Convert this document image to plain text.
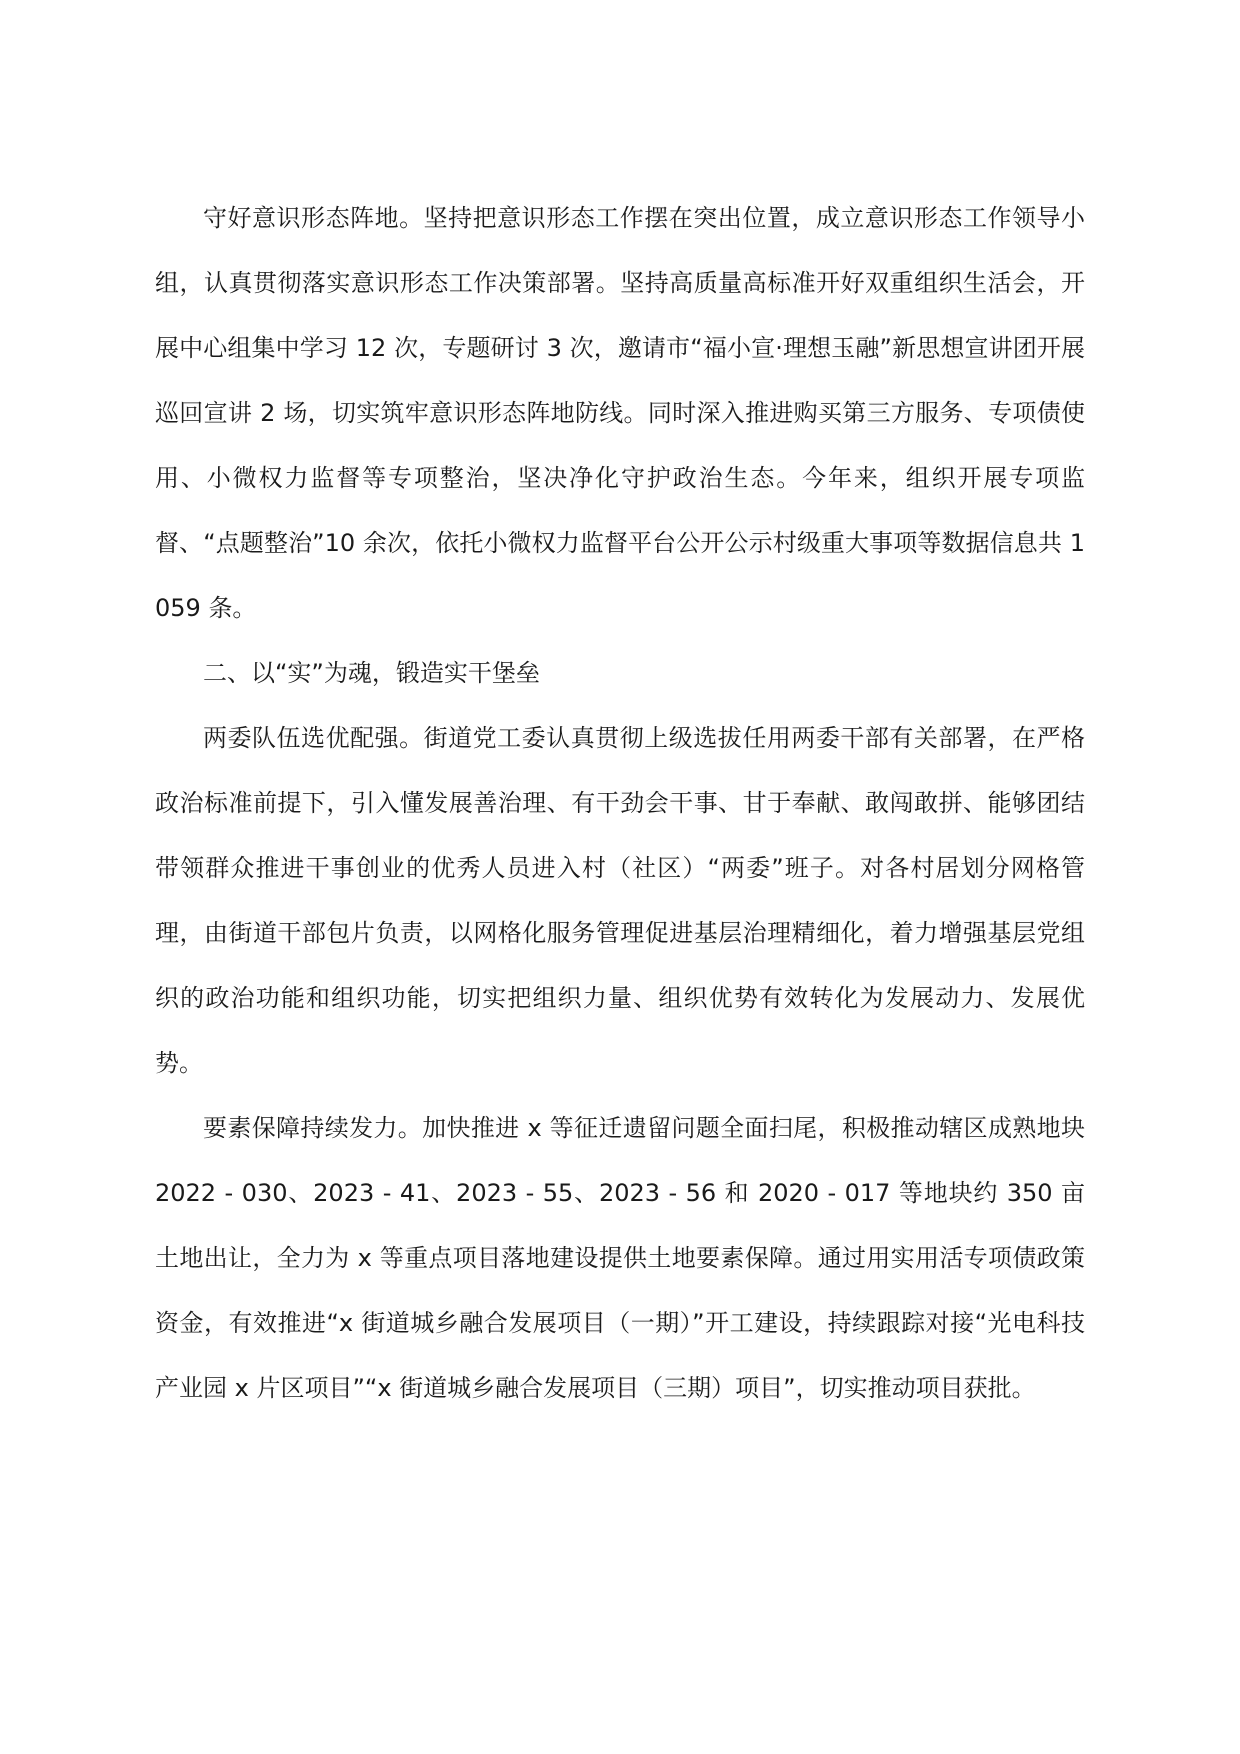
守好意识形态阵地。坚持把意识形态工作摆在突出位置，成立意识形态工作领导小组，认真贯彻落实意识形态工作决策部署。坚持高质量高标准开好双重组织生活会，开展中心组集中学习 12 次，专题研讨 3 次，邀请市“福小宣·理想玉融”新思想宣讲团开展巡回宣讲 2 场，切实筑牢意识形态阵地防线。同时深入推进购买第三方服务、专项债使用、小微权力监督等专项整治，坚决净化守护政治生态。今年来，组织开展专项监督、“点题整治”10 余次，依托小微权力监督平台公开公示村级重大事项等数据信息共 1059 条。

二、以“实”为魂，锻造实干堡垒

两委队伍选优配强。街道党工委认真贯彻上级选拔任用两委干部有关部署，在严格政治标准前提下，引入懂发展善治理、有干劲会干事、甘于奉献、敢闯敢拼、能够团结带领群众推进干事创业的优秀人员进入村（社区）“两委”班子。对各村居划分网格管理，由街道干部包片负责，以网格化服务管理促进基层治理精细化，着力增强基层党组织的政治功能和组织功能，切实把组织力量、组织优势有效转化为发展动力、发展优势。

要素保障持续发力。加快推进 x 等征迁遗留问题全面扫尾，积极推动辖区成熟地块 2022 - 030、2023 - 41、2023 - 55、2023 - 56 和 2020 - 017 等地块约 350 亩土地出让，全力为 x 等重点项目落地建设提供土地要素保障。通过用实用活专项债政策资金，有效推进“x 街道城乡融合发展项目（一期）”开工建设，持续跟踪对接“光电科技产业园 x 片区项目”“x 街道城乡融合发展项目（三期）项目”，切实推动项目获批。
